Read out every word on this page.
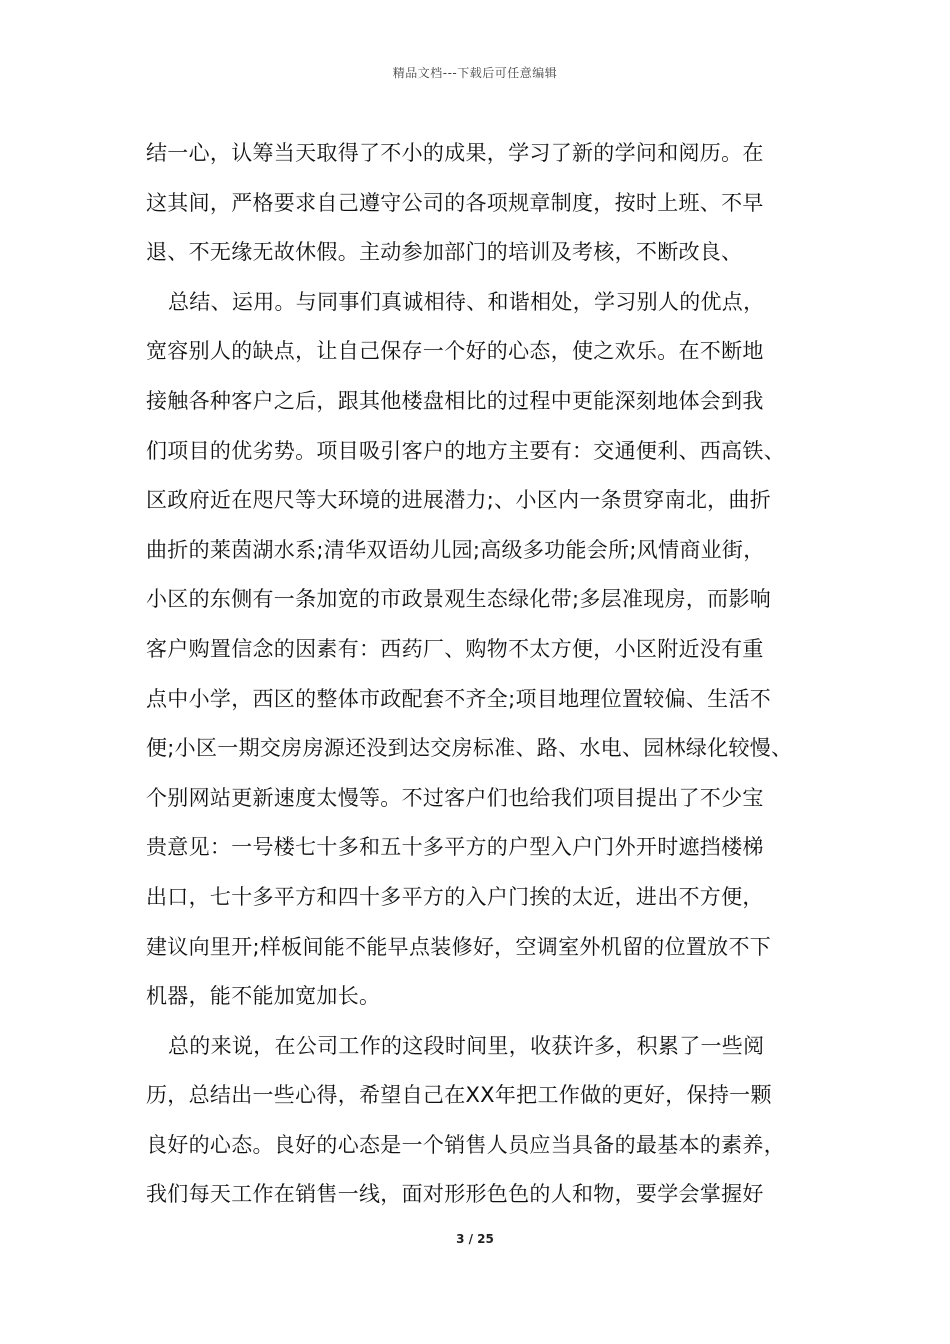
精品文档---下载后可任意编辑
结一心，认筹当天取得了不小的成果，学习了新的学问和阅历。在
这其间，严格要求自己遵守公司的各项规章制度，按时上班、不早
退、不无缘无故休假。主动参加部门的培训及考核，不断改良、
总结、运用。与同事们真诚相待、和谐相处，学习别人的优点，
宽容别人的缺点，让自己保存一个好的心态，使之欢乐。在不断地
接触各种客户之后，跟其他楼盘相比的过程中更能深刻地体会到我
们项目的优劣势。项目吸引客户的地方主要有：交通便利、西高铁、
区政府近在咫尺等大环境的进展潜力;、小区内一条贯穿南北，曲折
曲折的莱茵湖水系;清华双语幼儿园;高级多功能会所;风情商业街，
小区的东侧有一条加宽的市政景观生态绿化带;多层准现房，而影响
客户购置信念的因素有：西药厂、购物不太方便，小区附近没有重
点中小学，西区的整体市政配套不齐全;项目地理位置较偏、生活不
便;小区一期交房房源还没到达交房标准、路、水电、园林绿化较慢、
个别网站更新速度太慢等。不过客户们也给我们项目提出了不少宝
贵意见：一号楼七十多和五十多平方的户型入户门外开时遮挡楼梯
出口，七十多平方和四十多平方的入户门挨的太近，进出不方便，
建议向里开;样板间能不能早点装修好，空调室外机留的位置放不下
机器，能不能加宽加长。
总的来说，在公司工作的这段时间里，收获许多，积累了一些阅
历，总结出一些心得，希望自己在XX年把工作做的更好，保持一颗
良好的心态。良好的心态是一个销售人员应当具备的最基本的素养，
我们每天工作在销售一线，面对形形色色的人和物，要学会掌握好
3 / 25
